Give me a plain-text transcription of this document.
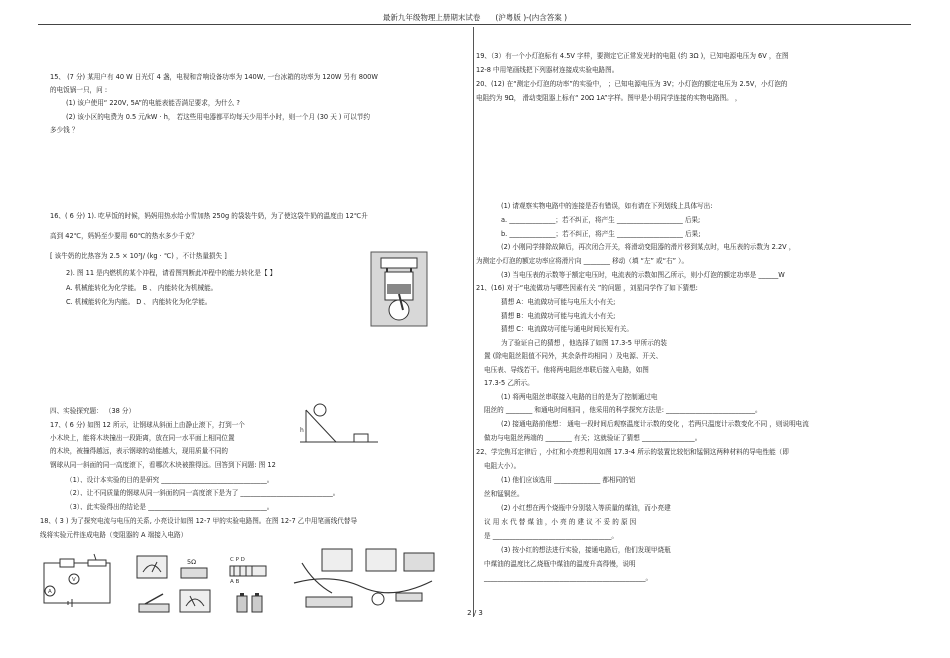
最新九年级物理上册期末试卷　　(沪粤版 )-(内含答案 )
15、 (7 分) 某用户有 40 W 日光灯 4 盏，电视和音响设备功率为 140W, 一台冰箱的功率为 120W 另有 800W
的电饭锅一只，问 :
(1) 该户使用“ 220V, 5A”的电能表能否满足要求，为什么 ?
(2) 该小区的电费为 0.5 元/kW · h， 若这些用电器都平均每天少用半小时，则一个月 (30 天 ) 可以节约
多少钱 ？
16、( 6 分) 1). 吃早饭的时候，妈妈用热水给小雪加热 250g 的袋装牛奶，为了使这袋牛奶的温度由 12℃升
高到 42℃，妈妈至少要用 60℃的热水多少千克？
[ 该牛奶的比热容为 2.5 × 10³J/ (kg · ℃) ，不计热量损失 ]
2). 图 11 是内燃机的某个冲程，请看图判断此冲程中的能力转化是【 】
A. 机械能转化为化学能。 B 、 内能转化为机械能。
C. 机械能转化为内能。 D 、 内能转化为化学能。
四、实验探究题： （38 分）
17、( 6 分) 如图 12 所示，让钢球从斜面上由静止滚下，打到一个
小木块上，能将木块撞出一段距离，放在同一水平面上相同位置
的木块，被撞得越远，表示钢球的动能越大，现用质量不同的
钢球从同一斜面的同一高度滚下，看哪次木块被推得远。回答到下问题: 图 12
（1）、设计本实验的目的是研究 ________________________________。
（2）、让不同质量的钢球从同一斜面的同一高度滚下是为了 ____________________________。
（3）、此实验得出的结论是 ____________________________________。
18、( 3 ) 为了探究电流与电压的关系, 小亮设计如图 12-7 甲的实验电路图。在图 12-7 乙中用笔画线代替导
线将实验元件连成电路（变阻器的 A 端接入电路）
h
A
V
5Ω	C P D
A B
19、（3）有一个小灯泡标有 4.5V 字样，要测定它正常发光时的电阻 (约 3Ω )，已知电源电压为 6V ，在图
12-8 中用笔画线把下列器材连接成实验电路图。
20、(12) 在“测定小灯泡的功率”的实验中， ；已知电源电压为 3V；小灯泡的额定电压为 2.5V，小灯泡的
电阻约为 9Ω， 滑动变阻器上标有“ 20Ω 1A”字样。图甲是小明同学连接的实物电路图。 ，
(1) 请观察实物电路中的连接是否有错误，如有请在下列划线上具体写出:
a. ______________；若不纠正，将产生 ____________________ 后果;
b. ______________；若不纠正，将产生 ____________________ 后果;
(2) 小刚同学排除故障后，再次闭合开关，将滑动变阻器的滑片移到某点时，电压表的示数为 2.2V ，
为测定小灯泡的额定功率应将滑片向 ________ 移动（填 “左” 或“右” ）。
(3) 当电压表的示数等于额定电压时，电流表的示数如图乙所示，则小灯泡的额定功率是 ______W
21、(16) 对于“电流做功与哪些因素有关 ”的问题 ，刘星同学作了如下猜想:
猜想 A：电流做功可能与电压大小有关;
猜想 B：电流做功可能与电流大小有关;
猜想 C：电流做功可能与通电时间长短有关。
为了验证自己的猜想 ，他选择了如图 17.3-5 甲所示的装
置 (除电阻丝阻值不同外，其余条件均相同 ）及电源、开关、
电压表、导线若干。他将两电阻丝串联后接入电路，如图
17.3-5 乙所示。
(1) 将两电阻丝串联接入电路的目的是为了控制通过电
阻丝的 ________ 和通电时间相同 ，他采用的科学探究方法是: ___________________________。
(2) 接通电路前他想： 通电一段时间后观察温度计示数的变化 ，若两只温度计示数变化不同 ，则说明电流
做功与电阻丝两端的 ________ 有关；这就验证了猜想 ________________。
22、学完焦耳定律后 ，小红和小亮想利用如图 17.3-4 所示的装置比较铝和锰铜这两种材料的导电性能（即
电阻大小）。
(1) 他们应该选用 ______________ 都相同的铝
丝和锰铜丝。
(2) 小红想在两个烧瓶中分别装入等质量的煤油，而小亮建
议 用 水 代 替 煤 油 ，小 亮 的 建 议 不 妥 的 原 因
是 ____________________________________。
(3) 按小红的想法进行实验，接通电路后，他们发现甲烧瓶
中煤油的温度比乙烧瓶中煤油的温度升高得慢，说明
_________________________________________________。
2 / 3
